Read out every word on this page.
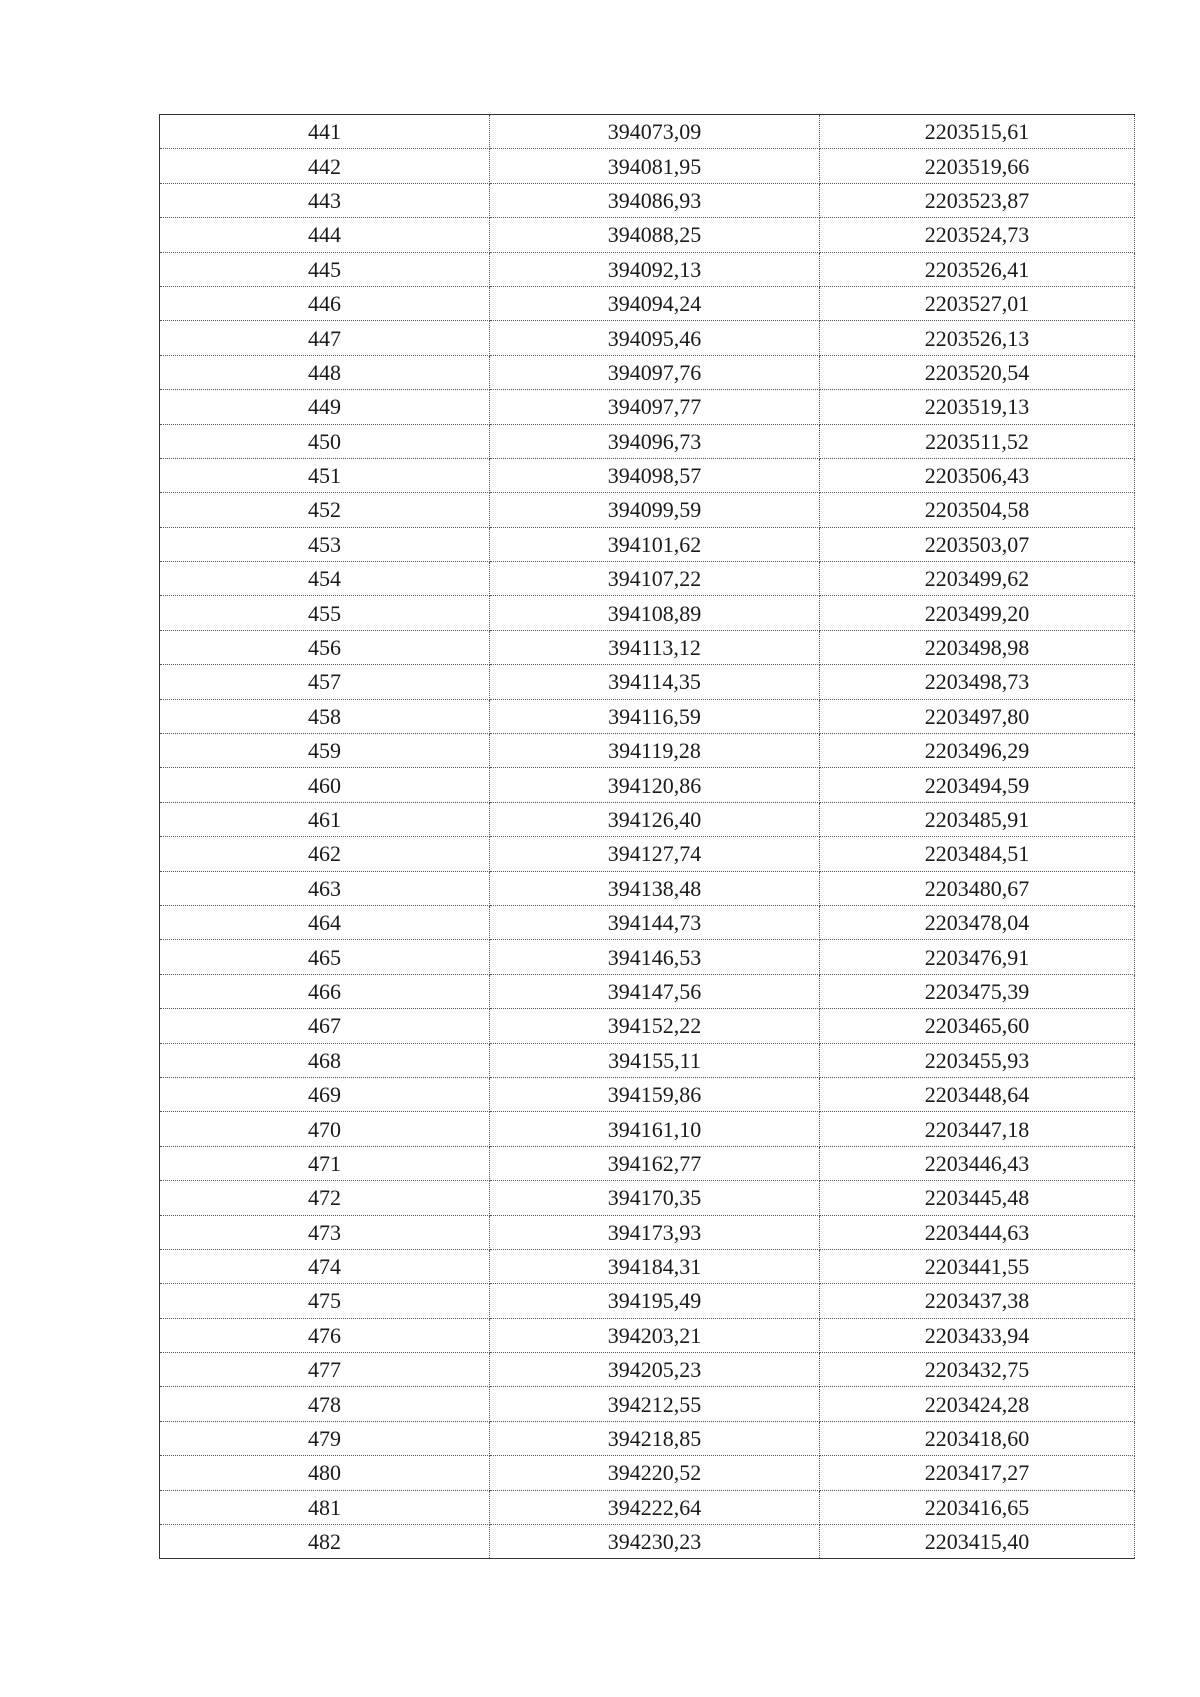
441	394073,09	2203515,61
442	394081,95	2203519,66
443	394086,93	2203523,87
444	394088,25	2203524,73
445	394092,13	2203526,41
446	394094,24	2203527,01
447	394095,46	2203526,13
448	394097,76	2203520,54
449	394097,77	2203519,13
450	394096,73	2203511,52
451	394098,57	2203506,43
452	394099,59	2203504,58
453	394101,62	2203503,07
454	394107,22	2203499,62
455	394108,89	2203499,20
456	394113,12	2203498,98
457	394114,35	2203498,73
458	394116,59	2203497,80
459	394119,28	2203496,29
460	394120,86	2203494,59
461	394126,40	2203485,91
462	394127,74	2203484,51
463	394138,48	2203480,67
464	394144,73	2203478,04
465	394146,53	2203476,91
466	394147,56	2203475,39
467	394152,22	2203465,60
468	394155,11	2203455,93
469	394159,86	2203448,64
470	394161,10	2203447,18
471	394162,77	2203446,43
472	394170,35	2203445,48
473	394173,93	2203444,63
474	394184,31	2203441,55
475	394195,49	2203437,38
476	394203,21	2203433,94
477	394205,23	2203432,75
478	394212,55	2203424,28
479	394218,85	2203418,60
480	394220,52	2203417,27
481	394222,64	2203416,65
482	394230,23	2203415,40
